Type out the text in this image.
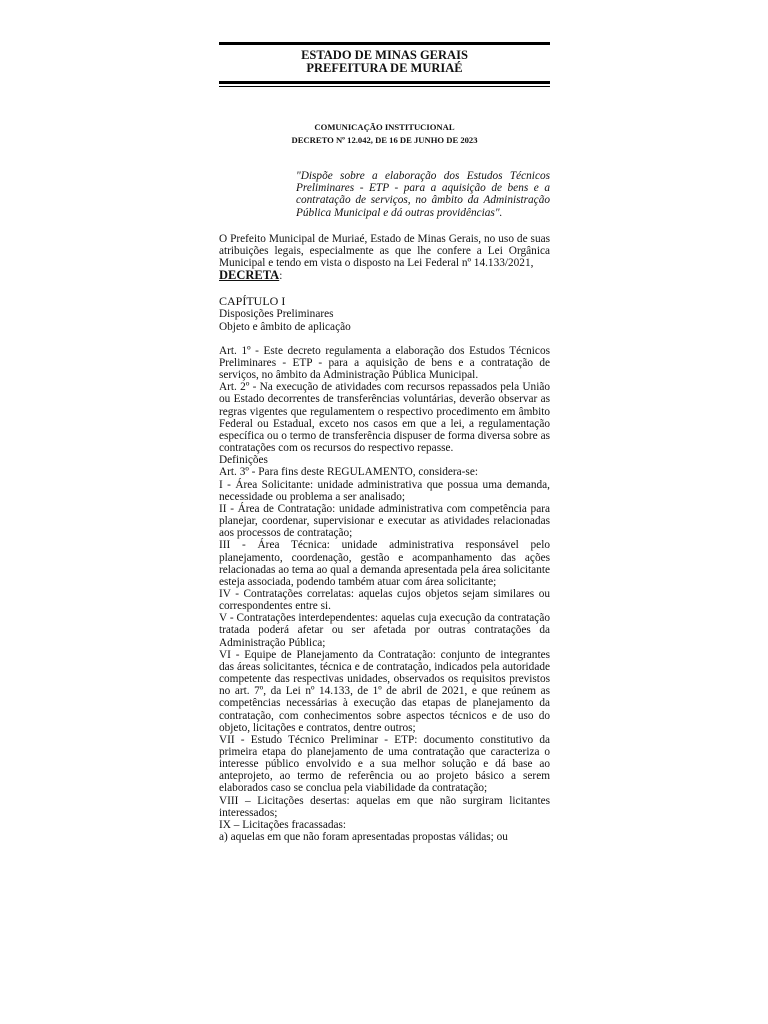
ESTADO DE MINAS GERAIS
PREFEITURA DE MURIAÉ
COMUNICAÇÃO INSTITUCIONAL
DECRETO Nº 12.042, DE 16 DE JUNHO DE 2023
"Dispõe sobre a elaboração dos Estudos Técnicos Preliminares - ETP - para a aquisição de bens e a contratação de serviços, no âmbito da Administração Pública Municipal e dá outras providências".

O Prefeito Municipal de Muriaé, Estado de Minas Gerais, no uso de suas atribuições legais, especialmente as que lhe confere a Lei Orgânica Municipal e tendo em vista o disposto na Lei Federal nº 14.133/2021,

DECRETA:

CAPÍTULO I
Disposições Preliminares
Objeto e âmbito de aplicação

Art. 1º - Este decreto regulamenta a elaboração dos Estudos Técnicos Preliminares - ETP - para a aquisição de bens e a contratação de serviços, no âmbito da Administração Pública Municipal.

Art. 2º - Na execução de atividades com recursos repassados pela União ou Estado decorrentes de transferências voluntárias, deverão observar as regras vigentes que regulamentem o respectivo procedimento em âmbito Federal ou Estadual, exceto nos casos em que a lei, a regulamentação específica ou o termo de transferência dispuser de forma diversa sobre as contratações com os recursos do respectivo repasse.

Definições

Art. 3º - Para fins deste REGULAMENTO, considera-se:

I - Área Solicitante: unidade administrativa que possua uma demanda, necessidade ou problema a ser analisado;

II - Área de Contratação: unidade administrativa com competência para planejar, coordenar, supervisionar e executar as atividades relacionadas aos processos de contratação;

III - Área Técnica: unidade administrativa responsável pelo planejamento, coordenação, gestão e acompanhamento das ações relacionadas ao tema ao qual a demanda apresentada pela área solicitante esteja associada, podendo também atuar com área solicitante;

IV - Contratações correlatas: aquelas cujos objetos sejam similares ou correspondentes entre si.

V - Contratações interdependentes: aquelas cuja execução da contratação tratada poderá afetar ou ser afetada por outras contratações da Administração Pública;

VI - Equipe de Planejamento da Contratação: conjunto de integrantes das áreas solicitantes, técnica e de contratação, indicados pela autoridade competente das respectivas unidades, observados os requisitos previstos no art. 7º, da Lei nº 14.133, de 1º de abril de 2021, e que reúnem as competências necessárias à execução das etapas de planejamento da contratação, com conhecimentos sobre aspectos técnicos e de uso do objeto, licitações e contratos, dentre outros;

VII - Estudo Técnico Preliminar - ETP: documento constitutivo da primeira etapa do planejamento de uma contratação que caracteriza o interesse público envolvido e a sua melhor solução e dá base ao anteprojeto, ao termo de referência ou ao projeto básico a serem elaborados caso se conclua pela viabilidade da contratação;

VIII – Licitações desertas: aquelas em que não surgiram licitantes interessados;

IX – Licitações fracassadas:

a) aquelas em que não foram apresentadas propostas válidas; ou
